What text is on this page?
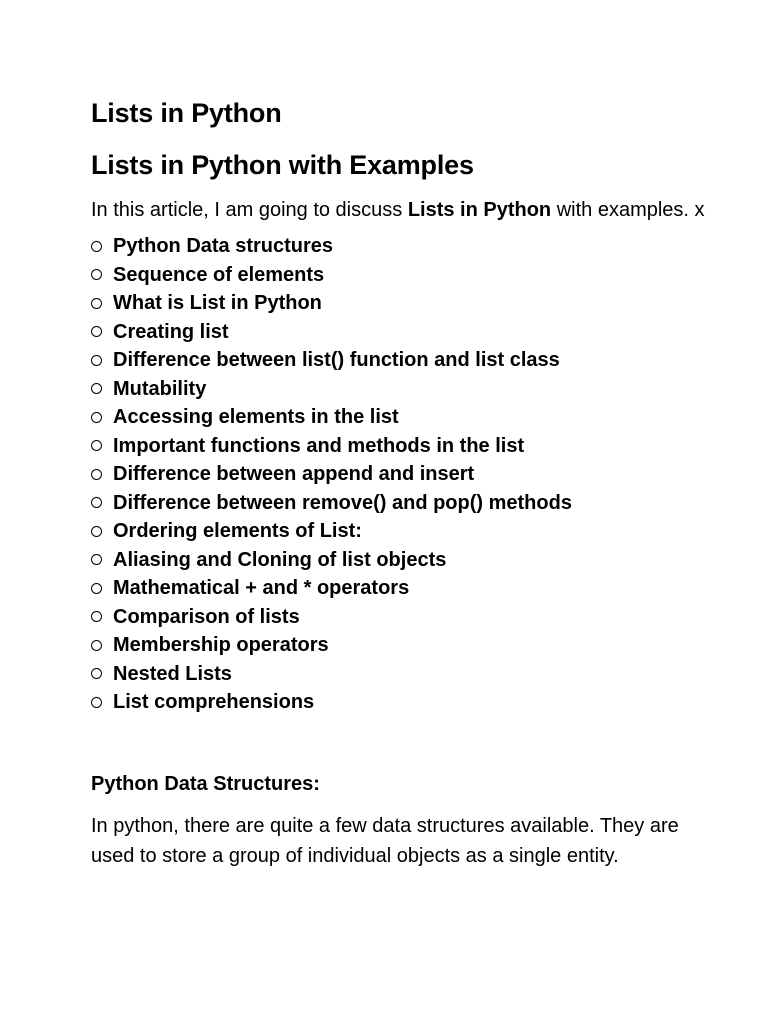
Lists in Python
Lists in Python with Examples

In this article, I am going to discuss Lists in Python with examples. x

Python Data structures
Sequence of elements
What is List in Python
Creating list
Difference between list() function and list class
Mutability
Accessing elements in the list
Important functions and methods in the list
Difference between append and insert
Difference between remove() and pop() methods
Ordering elements of List:
Aliasing and Cloning of list objects
Mathematical + and * operators
Comparison of lists
Membership operators
Nested Lists
List comprehensions
Python Data Structures:

In python, there are quite a few data structures available. They are used to store a group of individual objects as a single entity.
